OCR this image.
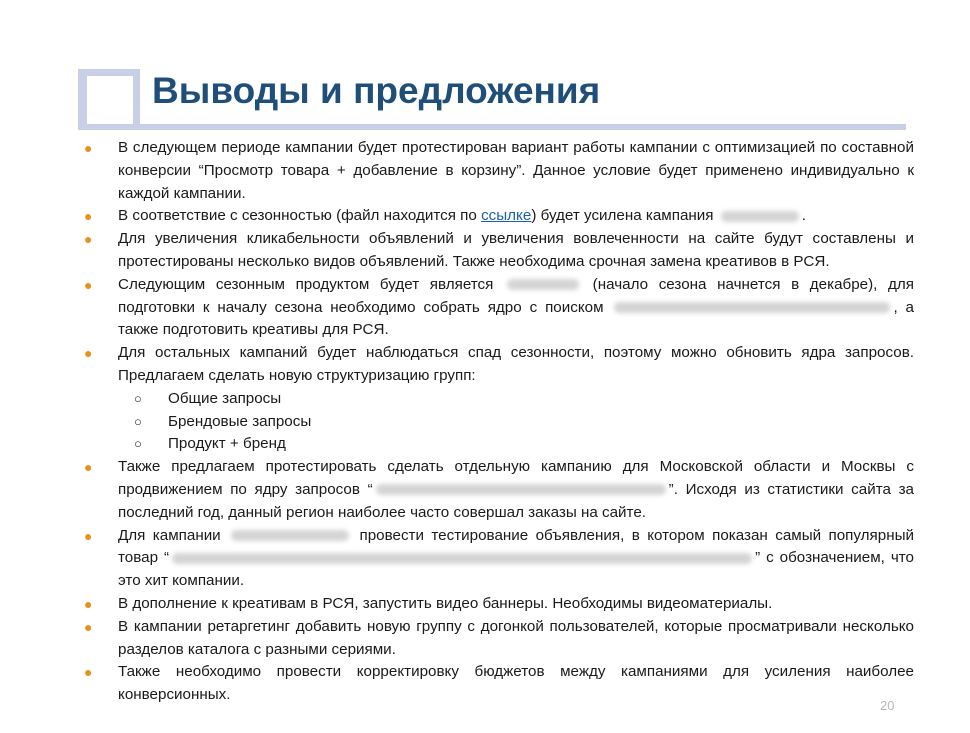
Выводы и предложения
●	В следующем периоде кампании будет протестирован вариант работы кампании с оптимизацией по составной конверсии “Просмотр товара + добавление в корзину”. Данное условие будет применено индивидуально к каждой кампании.
●	В соответствие с сезонностью (файл находится по ссылке) будет усилена кампания	.
●	Для увеличения кликабельности объявлений и увеличения вовлеченности на сайте будут составлены и протестированы несколько видов объявлений. Также необходима срочная замена креативов в РСЯ.
●	Следующим сезонным продуктом будет является	(начало сезона начнется в декабре), для подготовки к началу сезона необходимо собрать ядро с поиском	, а также подготовить креативы для РСЯ.
●	Для остальных кампаний будет наблюдаться спад сезонности, поэтому можно обновить ядра запросов. Предлагаем сделать новую структуризацию групп:
○ Общие запросы
○ Брендовые запросы
○ Продукт + бренд
●	Также предлагаем протестировать сделать отдельную кампанию для Московской области и Москвы с продвижением по ядру запросов “	”. Исходя из статистики сайта за последний год, данный регион наиболее часто совершал заказы на сайте.
●	Для кампании	провести тестирование объявления, в котором показан самый популярный товар “	” с обозначением, что это хит компании.
●	В дополнение к креативам в РСЯ, запустить видео баннеры. Необходимы видеоматериалы.
●	В кампании ретаргетинг добавить новую группу с догонкой пользователей, которые просматривали несколько разделов каталога с разными сериями.
●	Также необходимо провести корректировку бюджетов между кампаниями для усиления наиболее конверсионных.
20
